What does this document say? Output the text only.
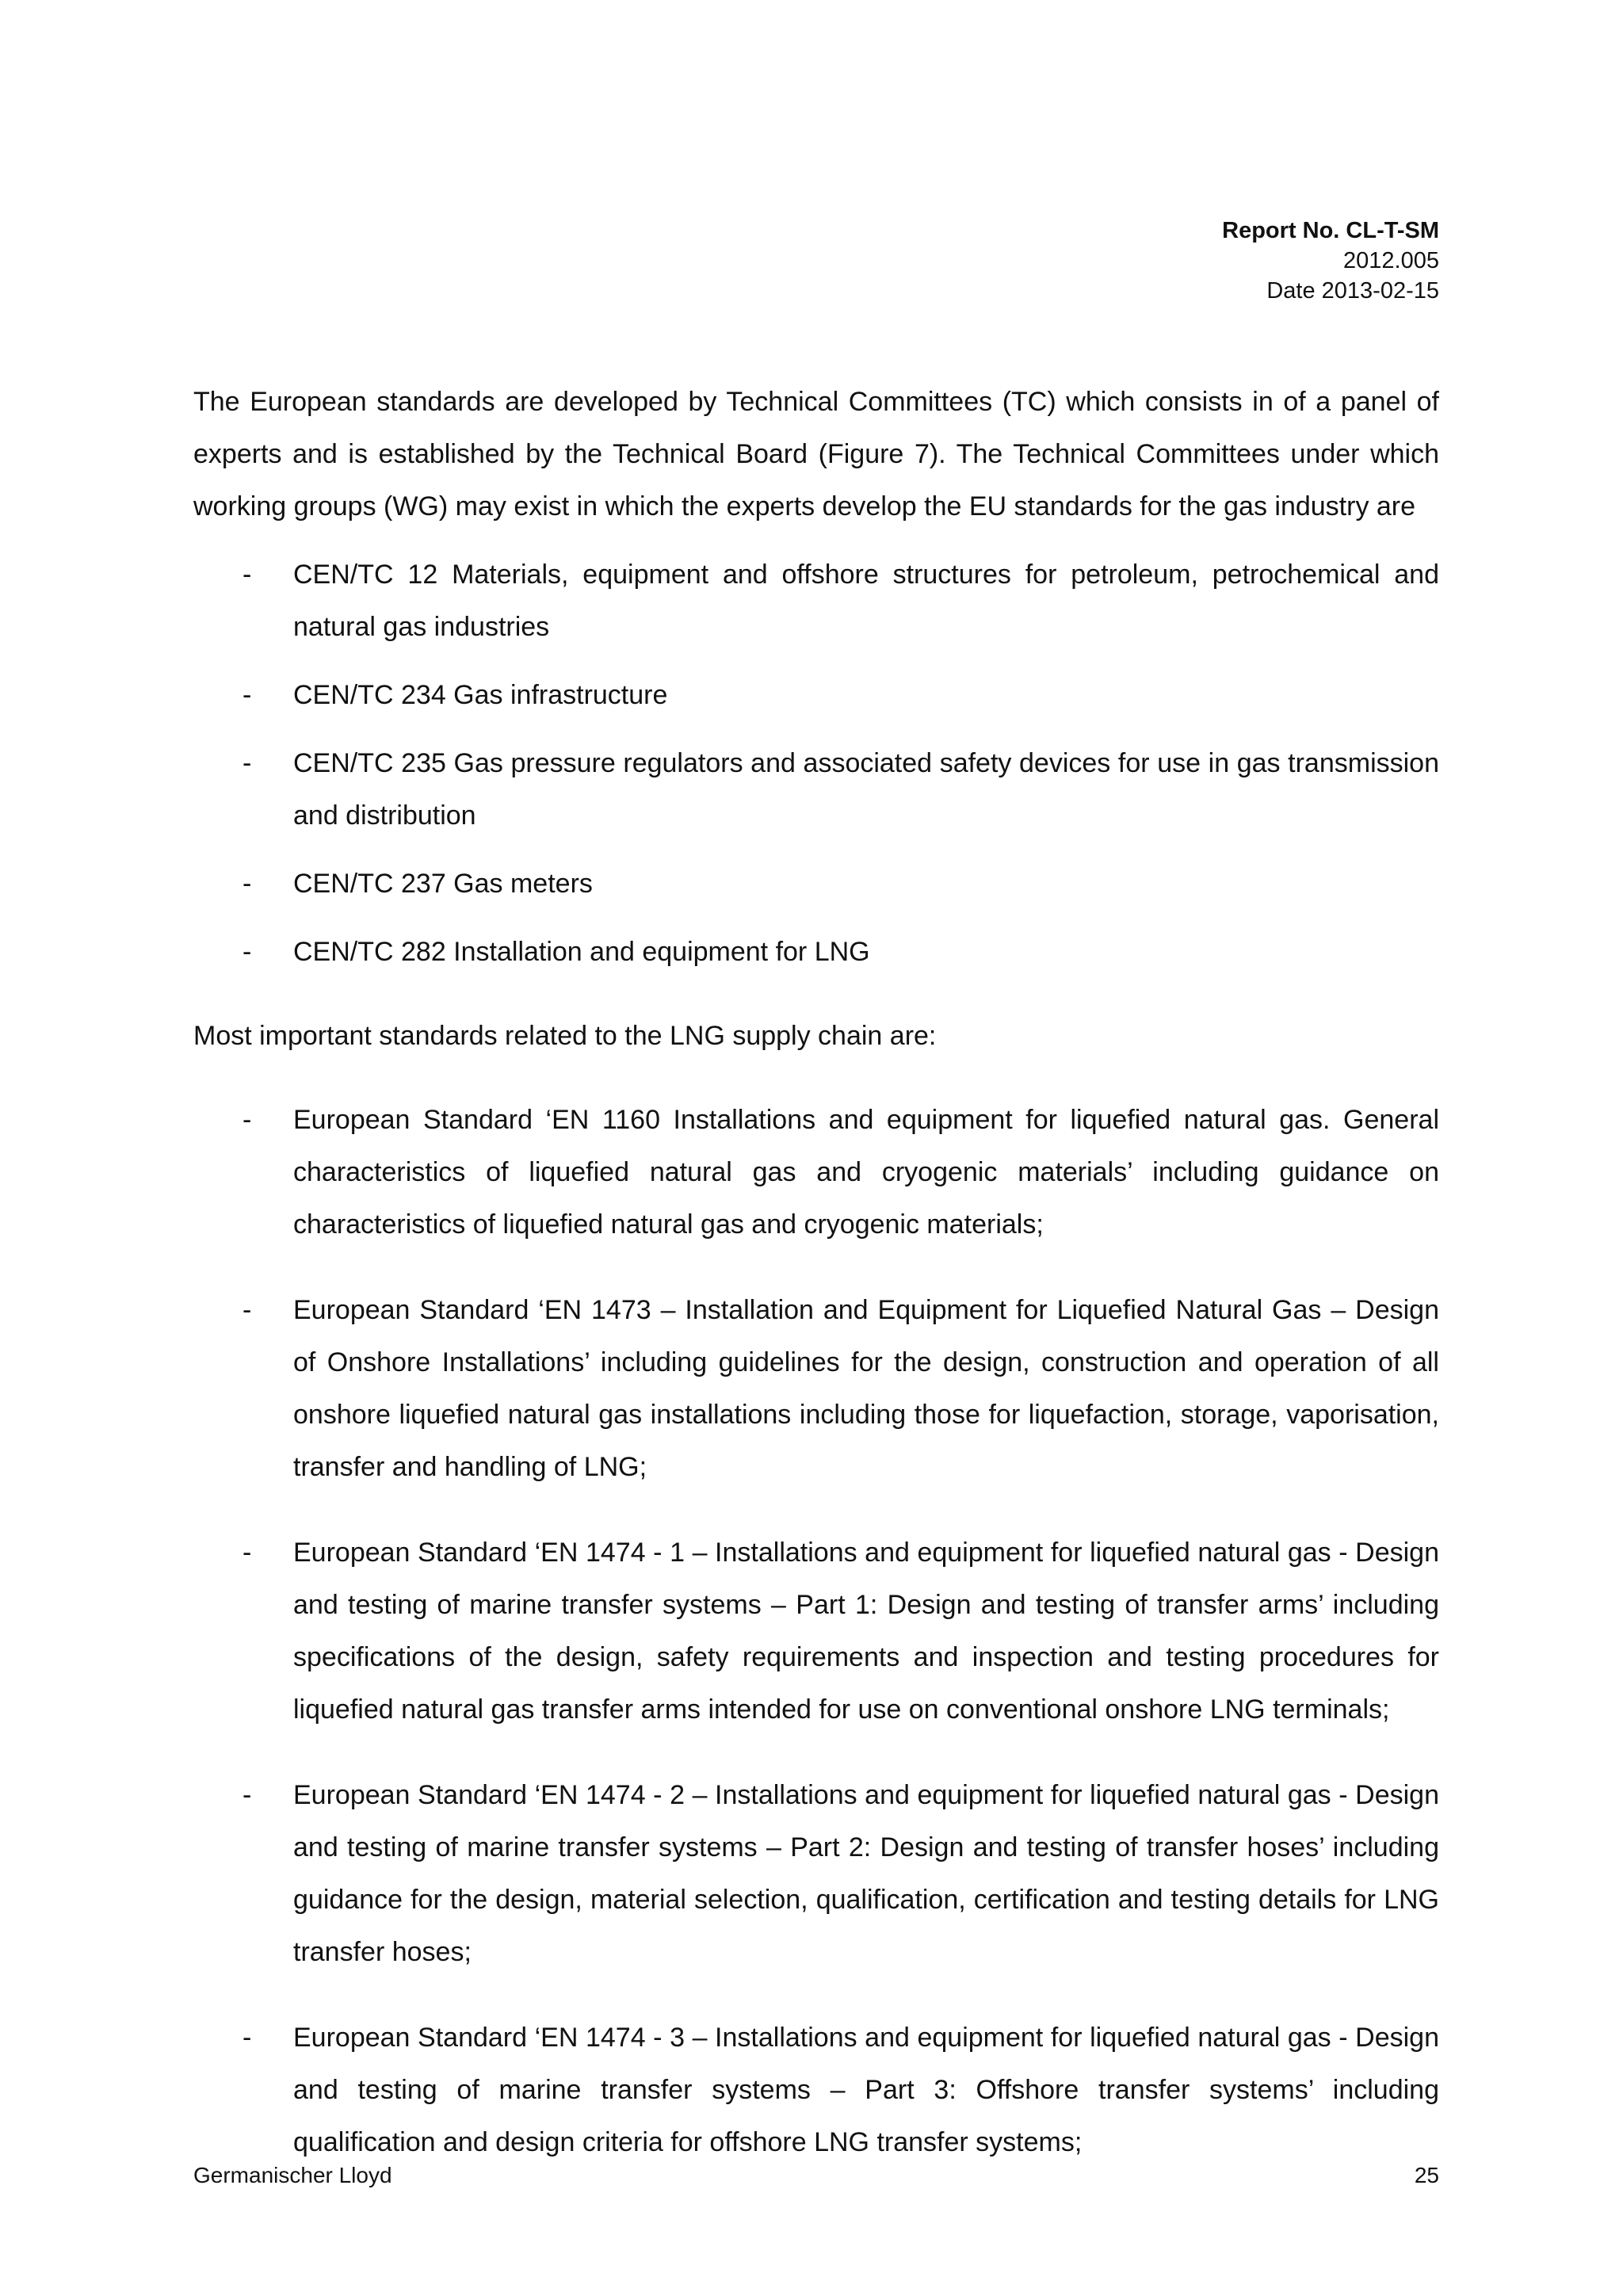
Report No. CL-T-SM
2012.005
Date 2013-02-15

The European standards are developed by Technical Committees (TC) which consists in of a panel of experts and is established by the Technical Board (Figure 7). The Technical Committees under which working groups (WG) may exist in which the experts develop the EU standards for the gas industry are

- CEN/TC 12 Materials, equipment and offshore structures for petroleum, petrochemical and natural gas industries
- CEN/TC 234 Gas infrastructure
- CEN/TC 235 Gas pressure regulators and associated safety devices for use in gas transmission and distribution
- CEN/TC 237 Gas meters
- CEN/TC 282 Installation and equipment for LNG

Most important standards related to the LNG supply chain are:

- European Standard ‘EN 1160 Installations and equipment for liquefied natural gas. General characteristics of liquefied natural gas and cryogenic materials’ including guidance on characteristics of liquefied natural gas and cryogenic materials;
- European Standard ‘EN 1473 – Installation and Equipment for Liquefied Natural Gas – Design of Onshore Installations’ including guidelines for the design, construction and operation of all onshore liquefied natural gas installations including those for liquefaction, storage, vaporisation, transfer and handling of LNG;
- European Standard ‘EN 1474 - 1 – Installations and equipment for liquefied natural gas - Design and testing of marine transfer systems – Part 1: Design and testing of transfer arms’ including specifications of the design, safety requirements and inspection and testing procedures for liquefied natural gas transfer arms intended for use on conventional onshore LNG terminals;
- European Standard ‘EN 1474 - 2 – Installations and equipment for liquefied natural gas - Design and testing of marine transfer systems – Part 2: Design and testing of transfer hoses’ including guidance for the design, material selection, qualification, certification and testing details for LNG transfer hoses;
- European Standard ‘EN 1474 - 3 – Installations and equipment for liquefied natural gas - Design and testing of marine transfer systems – Part 3: Offshore transfer systems’ including qualification and design criteria for offshore LNG transfer systems;
Germanischer Lloyd	25
